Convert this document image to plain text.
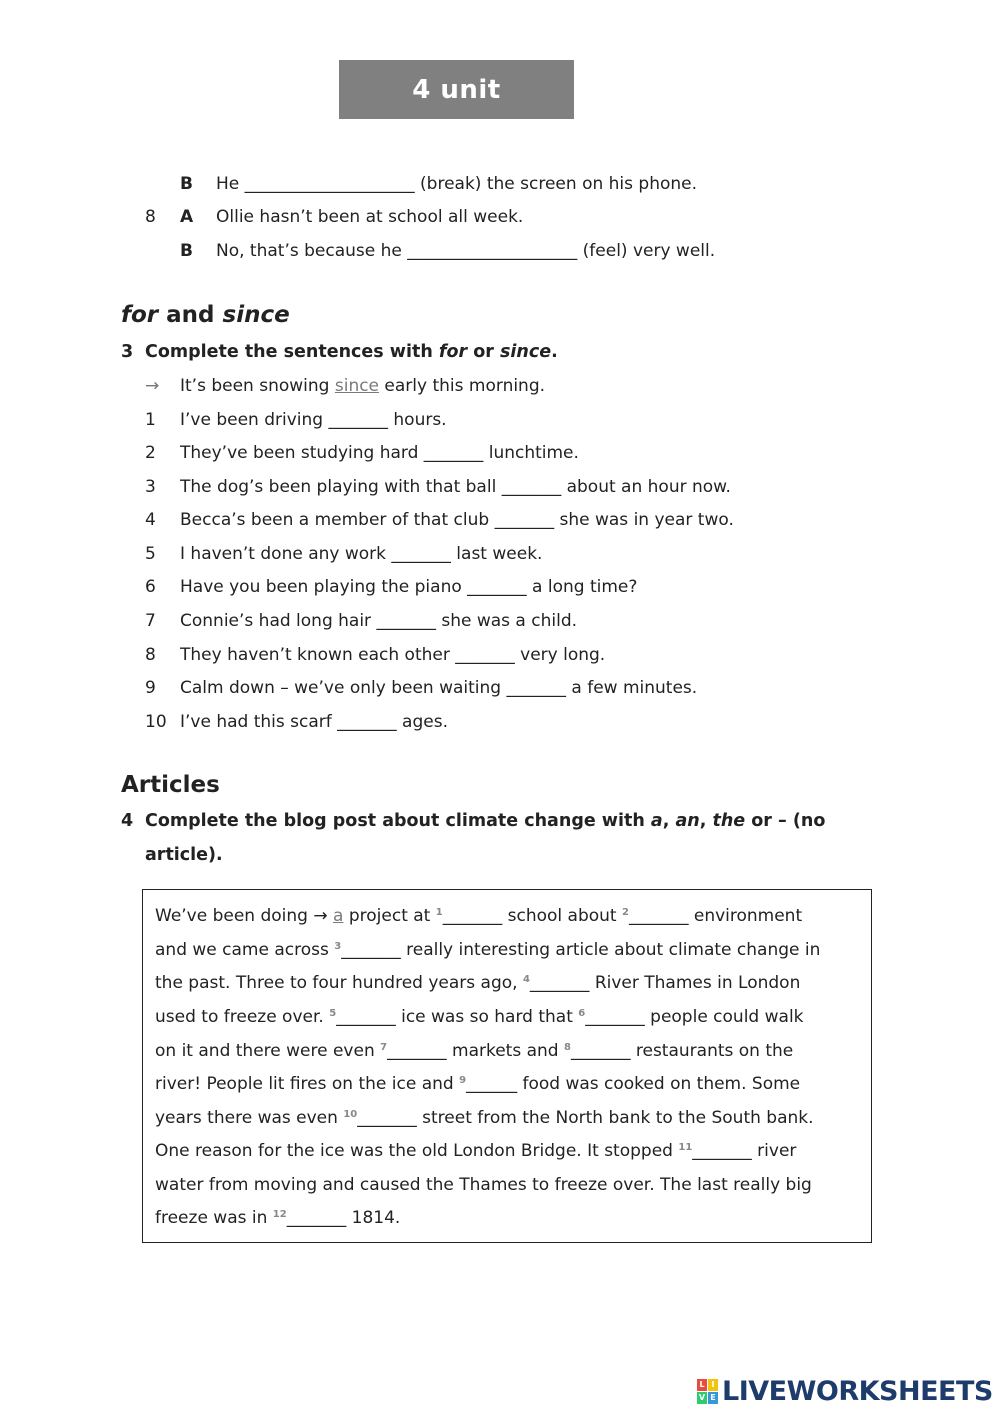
4 unit
B He ____________________ (break) the screen on his phone.
8 A Ollie hasn’t been at school all week.
B No, that’s because he ____________________ (feel) very well.
for and since
3 Complete the sentences with for or since.
→ It’s been snowing since early this morning.
1 I’ve been driving _______ hours.
2 They’ve been studying hard _______ lunchtime.
3 The dog’s been playing with that ball _______ about an hour now.
4 Becca’s been a member of that club _______ she was in year two.
5 I haven’t done any work _______ last week.
6 Have you been playing the piano _______ a long time?
7 Connie’s had long hair _______ she was a child.
8 They haven’t known each other _______ very long.
9 Calm down – we’ve only been waiting _______ a few minutes.
10 I’ve had this scarf _______ ages.
Articles
4 Complete the blog post about climate change with a, an, the or – (no
article).
We’ve been doing → a project at $^1$_______ school about $^2$_______ environment
and we came across $^3$_______ really interesting article about climate change in
the past. Three to four hundred years ago, $^4$_______ River Thames in London
used to freeze over. $^5$_______ ice was so hard that $^6$_______ people could walk
on it and there were even $^7$_______ markets and $^8$_______ restaurants on the
river! People lit fires on the ice and $^9$______ food was cooked on them. Some
years there was even $^{10}$_______ street from the North bank to the South bank.
One reason for the ice was the old London Bridge. It stopped $^{11}$_______ river
water from moving and caused the Thames to freeze over. The last really big
freeze was in $^{12}$_______ 1814.
L I
V E LIVEWORKSHEETS
